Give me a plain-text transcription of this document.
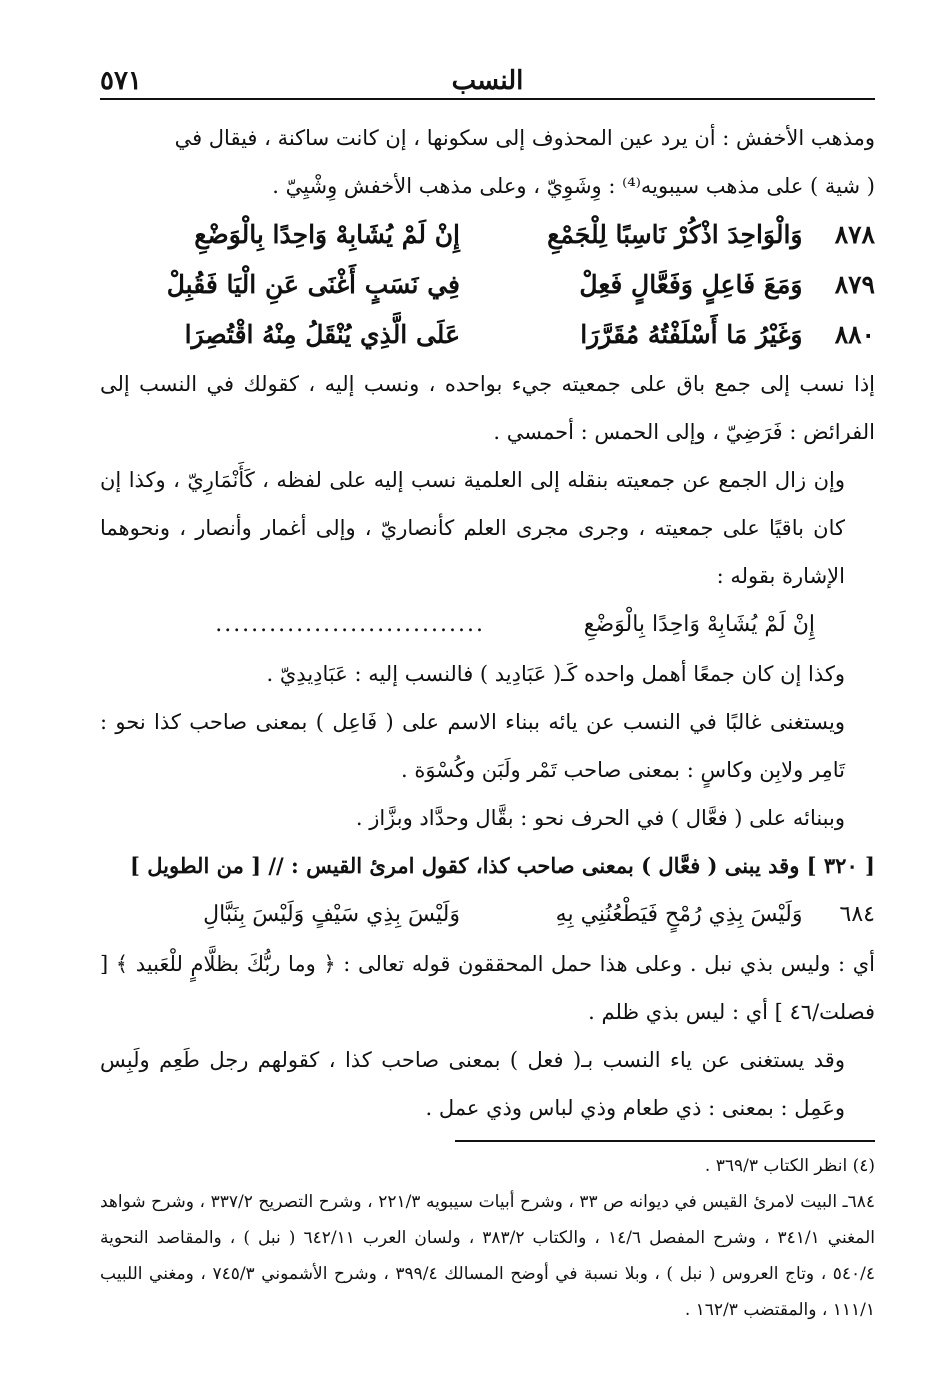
النسب
٥٧١

ومذهب الأخفش : أن يرد عين المحذوف إلى سكونها ، إن كانت ساكنة ، فيقال في

( شية ) على مذهب سيبويه⁽⁴⁾ : وِشَوِيّ ، وعلى مذهب الأخفش وِشْيِيّ .

٨٧٨
وَالْوَاحِدَ اذْكُرْ نَاسِبًا لِلْجَمْعِ
إِنْ لَمْ يُشَابِهْ وَاحِدًا بِالْوَضْعِ
٨٧٩
وَمَعَ فَاعِلٍ وَفَعَّالٍ فَعِلْ
فِي نَسَبٍ أَغْنَى عَنِ الْيَا فَقُبِلْ
٨٨٠
وَغَيْرُ مَا أَسْلَفْتُهُ مُقَرَّرَا
عَلَى الَّذِي يُنْقَلُ مِنْهُ اقْتُصِرَا

إذا نسب إلى جمع باق على جمعيته جيء بواحده ، ونسب إليه ، كقولك في النسب إلى الفرائض : فَرَضِيّ ، وإلى الحمس : أحمسي .

وإن زال الجمع عن جمعيته بنقله إلى العلمية نسب إليه على لفظه ، كَأَنْمَارِيّ ، وكذا إن كان باقيًا على جمعيته ، وجرى مجرى العلم كأنصاريّ ، وإلى أغمار وأنصار ، ونحوهما الإشارة بقوله :

إِنْ لَمْ يُشَابِهْ وَاحِدًا بِالْوَضْعِ
..............................

وكذا إن كان جمعًا أهمل واحده كَـ( عَبَادِيد ) فالنسب إليه : عَبَادِيدِيّ .

ويستغنى غالبًا في النسب عن يائه ببناء الاسم على ( فَاعِل ) بمعنى صاحب كذا نحو : تَامِر ولابِن وكاسٍ : بمعنى صاحب تَمْر ولَبَن وكُسْوَة .

وببنائه على ( فعَّال ) في الحرف نحو : بقَّال وحدَّاد وبزَّاز .

[ ٣٢٠ ] وقد يبنى ( فعَّال ) بمعنى صاحب كذا، كقول امرئ القيس : // [ من الطويل ]

٦٨٤
وَلَيْسَ بِذِي رُمْحٍ فَيَطْعُنُنِي بِهِ
وَلَيْسَ بِذِي سَيْفٍ وَلَيْسَ بِنَبَّالِ

أي : وليس بذي نبل . وعلى هذا حمل المحققون قوله تعالى : ﴿ وما ربُّكَ بظلَّامٍ للْعَبيد ﴾ [ فصلت/٤٦ ] أي : ليس بذي ظلم .

وقد يستغنى عن ياء النسب بـ( فعل ) بمعنى صاحب كذا ، كقولهم رجل طَعِم ولَبِس وعَمِل : بمعنى : ذي طعام وذي لباس وذي عمل .

(٤) انظر الكتاب ٣٦٩/٣ .

٦٨٤ـ البيت لامرئ القيس في ديوانه ص ٣٣ ، وشرح أبيات سيبويه ٢٢١/٣ ، وشرح التصريح ٣٣٧/٢ ، وشرح شواهد المغني ٣٤١/١ ، وشرح المفصل ١٤/٦ ، والكتاب ٣٨٣/٢ ، ولسان العرب ٦٤٢/١١ ( نبل ) ، والمقاصد النحوية ٥٤٠/٤ ، وتاج العروس ( نبل ) ، وبلا نسبة في أوضح المسالك ٣٩٩/٤ ، وشرح الأشموني ٧٤٥/٣ ، ومغني اللبيب ١١١/١ ، والمقتضب ١٦٢/٣ .
